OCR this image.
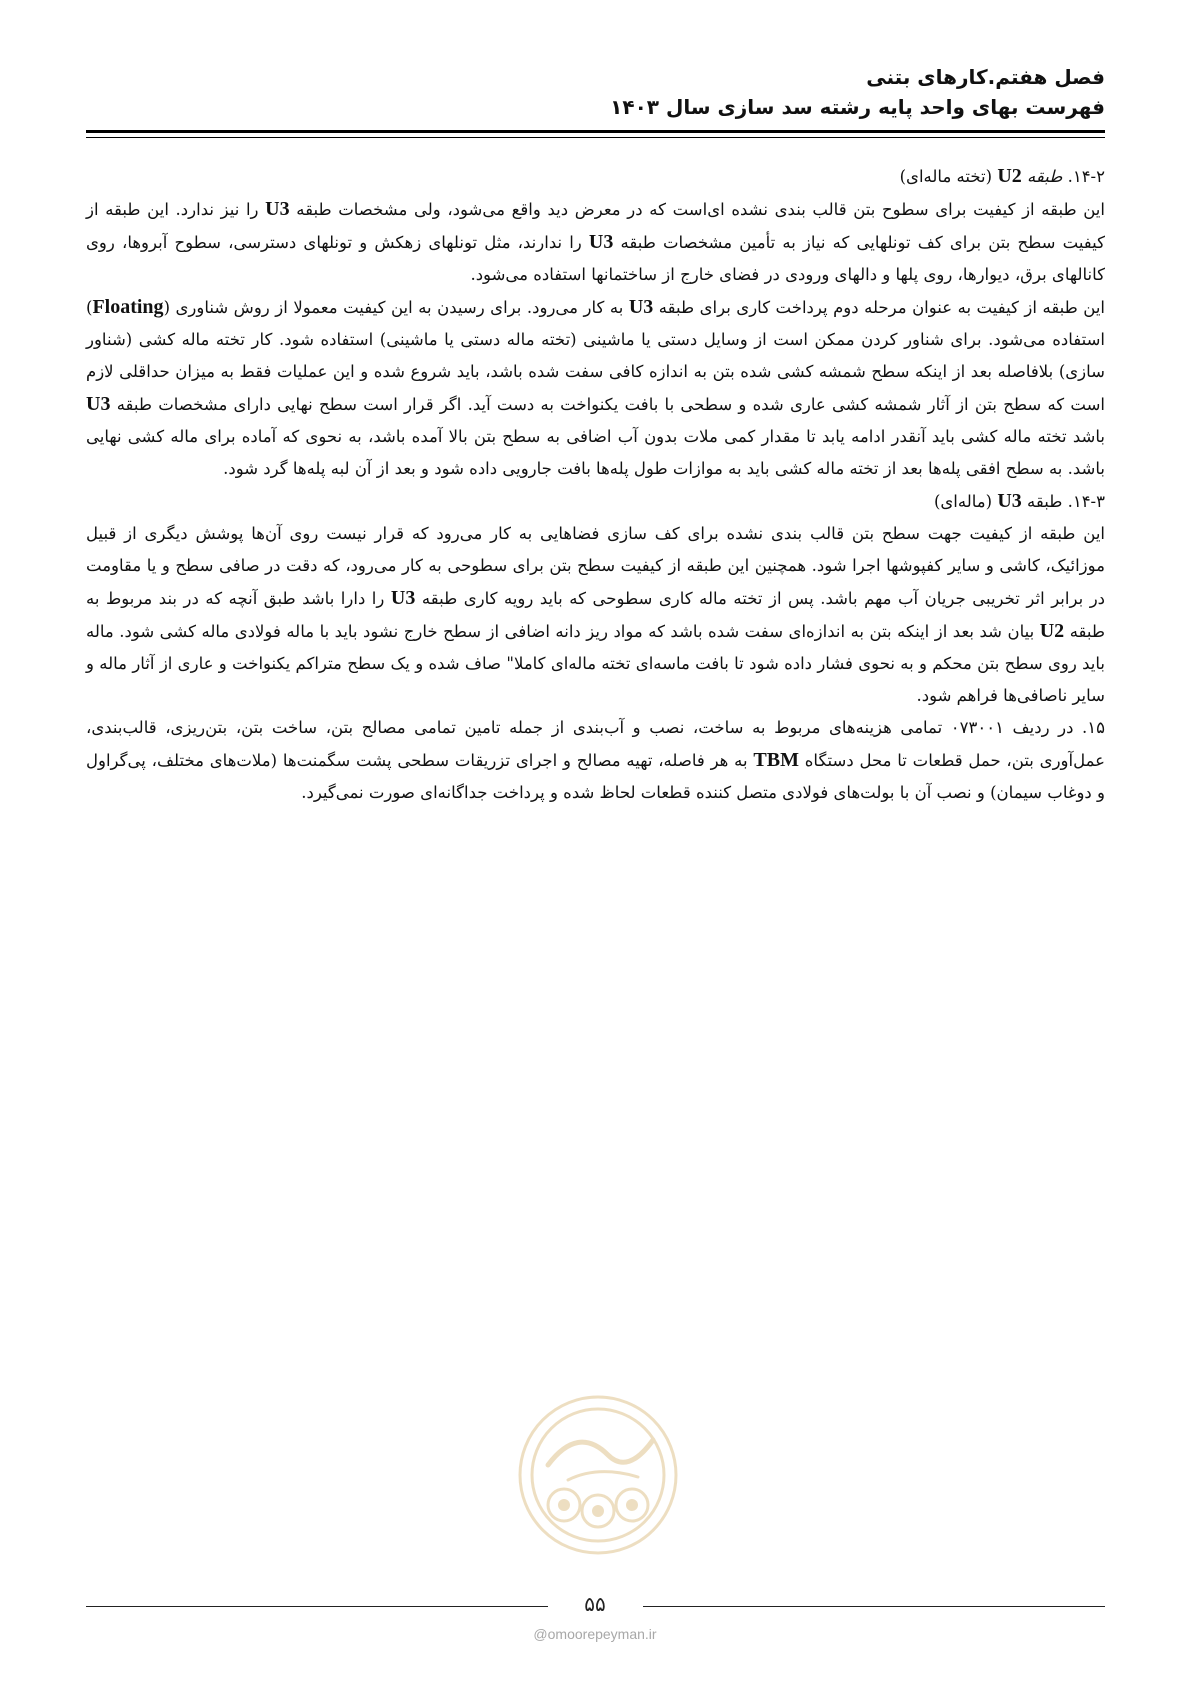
فصل هفتم.کارهای بتنی

فهرست بهای واحد پایه رشته سد سازی سال ۱۴۰۳

۱۴-۲. طبقه U2 (تخته ماله‌ای)

این طبقه از کیفیت برای سطوح بتن قالب بندی نشده ای‌است که در معرض دید واقع می‌شود، ولی مشخصات طبقه U3 را نیز ندارد. این طبقه از کیفیت سطح بتن برای کف تونلهایی که نیاز به تأمین مشخصات طبقه U3 را ندارند، مثل تونلهای زهکش و تونلهای دسترسی، سطوح آبروها، روی کانالهای برق، دیوارها، روی پلها و دالهای ورودی در فضای خارج از ساختمانها استفاده می‌شود.

این طبقه از کیفیت به عنوان مرحله دوم پرداخت کاری برای طبقه U3 به کار می‌رود. برای رسیدن به این کیفیت معمولا از روش شناوری (Floating) استفاده می‌شود. برای شناور کردن ممکن است از وسایل دستی یا ماشینی (تخته ماله دستی یا ماشینی) استفاده شود. کار تخته ماله کشی (شناور سازی) بلافاصله بعد از اینکه سطح شمشه کشی شده بتن به اندازه کافی سفت شده باشد، باید شروع شده و این عملیات فقط به میزان حداقلی لازم است که سطح بتن از آثار شمشه کشی عاری شده و سطحی با بافت یکنواخت به دست آید. اگر قرار است سطح نهایی دارای مشخصات طبقه U3 باشد تخته ماله کشی باید آنقدر ادامه یابد تا مقدار کمی ملات بدون آب اضافی به سطح بتن بالا آمده باشد، به نحوی که آماده برای ماله کشی نهایی باشد. به سطح افقی پله‌ها بعد از تخته ماله کشی باید به موازات طول پله‌ها بافت جارویی داده شود و بعد از آن لبه پله‌ها گرد شود.

۱۴-۳. طبقه U3 (ماله‌ای)

این طبقه از کیفیت جهت سطح بتن قالب بندی نشده برای کف سازی فضاهایی به کار می‌رود که قرار نیست روی آن‌ها پوشش دیگری از قبیل موزائیک، کاشی و سایر کفپوشها اجرا شود. همچنین این طبقه از کیفیت سطح بتن برای سطوحی به کار می‌رود، که دقت در صافی سطح و یا مقاومت در برابر اثر تخریبی جریان آب مهم باشد. پس از تخته ماله کاری سطوحی که باید رویه کاری طبقه U3 را دارا باشد طبق آنچه که در بند مربوط به طبقه U2 بیان شد بعد از اینکه بتن به اندازه‌ای سفت شده باشد که مواد ریز دانه اضافی از سطح خارج نشود باید با ماله فولادی ماله کشی شود. ماله باید روی سطح بتن محکم و به نحوی فشار داده شود تا بافت ماسه‌ای تخته ماله‌ای کاملا" صاف شده و یک سطح متراکم یکنواخت و عاری از آثار ماله و سایر ناصافی‌ها فراهم شود.

۱۵. در ردیف ۰۷۳۰۰۱ تمامی هزینه‌های مربوط به ساخت، نصب و آب‌بندی از جمله تامین تمامی مصالح بتن، ساخت بتن، بتن‌ریزی، قالب‌بندی، عمل‌آوری بتن، حمل قطعات تا محل دستگاه TBM به هر فاصله، تهیه مصالح و اجرای تزریقات سطحی پشت سگمنت‌ها (ملات‌های مختلف، پی‌گراول و دوغاب سیمان) و نصب آن با بولت‌های فولادی متصل کننده قطعات لحاظ شده و پرداخت جداگانه‌ای صورت نمی‌گیرد.

۵۵
@omoorepeyman.ir
